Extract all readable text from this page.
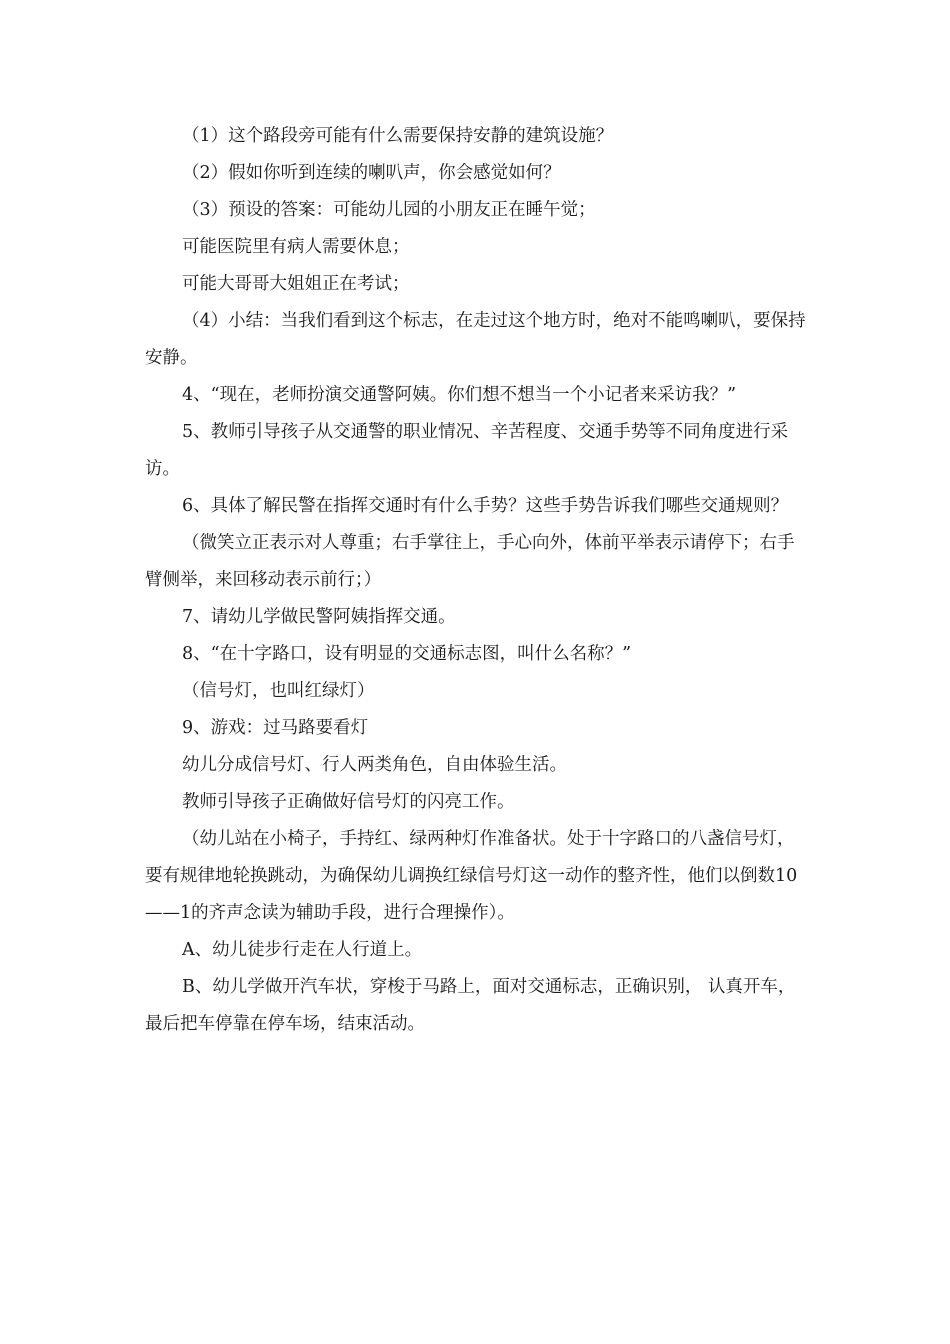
（1）这个路段旁可能有什么需要保持安静的建筑设施？

（2）假如你听到连续的喇叭声，你会感觉如何？

（3）预设的答案：可能幼儿园的小朋友正在睡午觉；

可能医院里有病人需要休息；

可能大哥哥大姐姐正在考试；

（4）小结：当我们看到这个标志，在走过这个地方时，绝对不能鸣喇叭，要保持安静。

4、“现在，老师扮演交通警阿姨。你们想不想当一个小记者来采访我？”

5、教师引导孩子从交通警的职业情况、辛苦程度、交通手势等不同角度进行采访。

6、具体了解民警在指挥交通时有什么手势？这些手势告诉我们哪些交通规则？

（微笑立正表示对人尊重；右手掌往上，手心向外，体前平举表示请停下；右手臂侧举，来回移动表示前行；）

7、请幼儿学做民警阿姨指挥交通。

8、“在十字路口，设有明显的交通标志图，叫什么名称？”

（信号灯，也叫红绿灯）

9、游戏：过马路要看灯

幼儿分成信号灯、行人两类角色，自由体验生活。

教师引导孩子正确做好信号灯的闪亮工作。

（幼儿站在小椅子，手持红、绿两种灯作准备状。处于十字路口的八盏信号灯，要有规律地轮换跳动，为确保幼儿调换红绿信号灯这一动作的整齐性，他们以倒数10——1的齐声念读为辅助手段，进行合理操作）。

A、幼儿徒步行走在人行道上。

B、幼儿学做开汽车状，穿梭于马路上，面对交通标志，正确识别， 认真开车，最后把车停靠在停车场，结束活动。
